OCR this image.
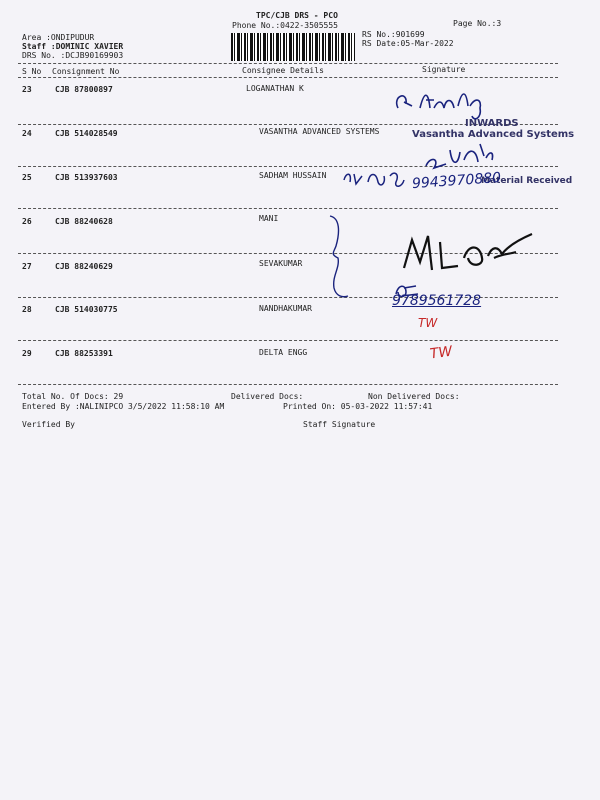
TPC/CJB DRS - PCO
Phone No.:0422-3505555	Page No.:3
Area :ONDIPUDUR
Staff :DOMINIC XAVIER
DRS No. :DCJB90169903
RS No.:901699
RS Date:05-Mar-2022
S No Consignment No	Consignee Details	Signature
23	CJB 87800897	LOGANATHAN K
24	CJB 514028549	VASANTHA ADVANCED SYSTEMS
25	CJB 513937603	SADHAM HUSSAIN
26	CJB 88240628	MANI
27	CJB 88240629	SEVAKUMAR
28	CJB 514030775	NANDHAKUMAR
29	CJB 88253391	DELTA ENGG
INWARDS
Vasantha Advanced Systems
Material Received
9943970880
9789561728
TW
TW
Total No. Of Docs: 29	Delivered Docs:	Non Delivered Docs:
Entered By :NALINIPCO 3/5/2022 11:58:10 AM	Printed On: 05-03-2022 11:57:41
Verified By	Staff Signature
